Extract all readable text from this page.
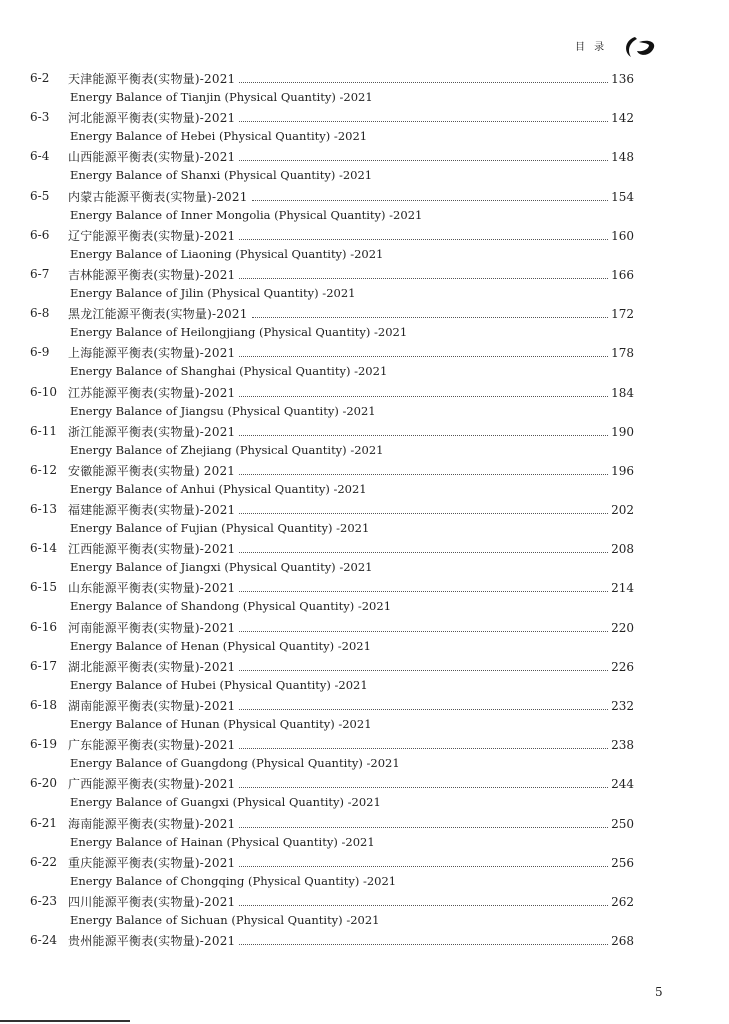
目 录
6-2 天津能源平衡表(实物量)-2021	136
Energy Balance of Tianjin (Physical Quantity) -2021
6-3 河北能源平衡表(实物量)-2021	142
Energy Balance of Hebei (Physical Quantity) -2021
6-4 山西能源平衡表(实物量)-2021	148
Energy Balance of Shanxi (Physical Quantity) -2021
6-5 内蒙古能源平衡表(实物量)-2021	154
Energy Balance of Inner Mongolia (Physical Quantity) -2021
6-6 辽宁能源平衡表(实物量)-2021	160
Energy Balance of Liaoning (Physical Quantity) -2021
6-7 吉林能源平衡表(实物量)-2021	166
Energy Balance of Jilin (Physical Quantity) -2021
6-8 黑龙江能源平衡表(实物量)-2021	172
Energy Balance of Heilongjiang (Physical Quantity) -2021
6-9 上海能源平衡表(实物量)-2021	178
Energy Balance of Shanghai (Physical Quantity) -2021
6-10 江苏能源平衡表(实物量)-2021	184
Energy Balance of Jiangsu (Physical Quantity) -2021
6-11 浙江能源平衡表(实物量)-2021	190
Energy Balance of Zhejiang (Physical Quantity) -2021
6-12 安徽能源平衡表(实物量) 2021	196
Energy Balance of Anhui (Physical Quantity) -2021
6-13 福建能源平衡表(实物量)-2021	202
Energy Balance of Fujian (Physical Quantity) -2021
6-14 江西能源平衡表(实物量)-2021	208
Energy Balance of Jiangxi (Physical Quantity) -2021
6-15 山东能源平衡表(实物量)-2021	214
Energy Balance of Shandong (Physical Quantity) -2021
6-16 河南能源平衡表(实物量)-2021	220
Energy Balance of Henan (Physical Quantity) -2021
6-17 湖北能源平衡表(实物量)-2021	226
Energy Balance of Hubei (Physical Quantity) -2021
6-18 湖南能源平衡表(实物量)-2021	232
Energy Balance of Hunan (Physical Quantity) -2021
6-19 广东能源平衡表(实物量)-2021	238
Energy Balance of Guangdong (Physical Quantity) -2021
6-20 广西能源平衡表(实物量)-2021	244
Energy Balance of Guangxi (Physical Quantity) -2021
6-21 海南能源平衡表(实物量)-2021	250
Energy Balance of Hainan (Physical Quantity) -2021
6-22 重庆能源平衡表(实物量)-2021	256
Energy Balance of Chongqing (Physical Quantity) -2021
6-23 四川能源平衡表(实物量)-2021	262
Energy Balance of Sichuan (Physical Quantity) -2021
6-24 贵州能源平衡表(实物量)-2021	268
5
